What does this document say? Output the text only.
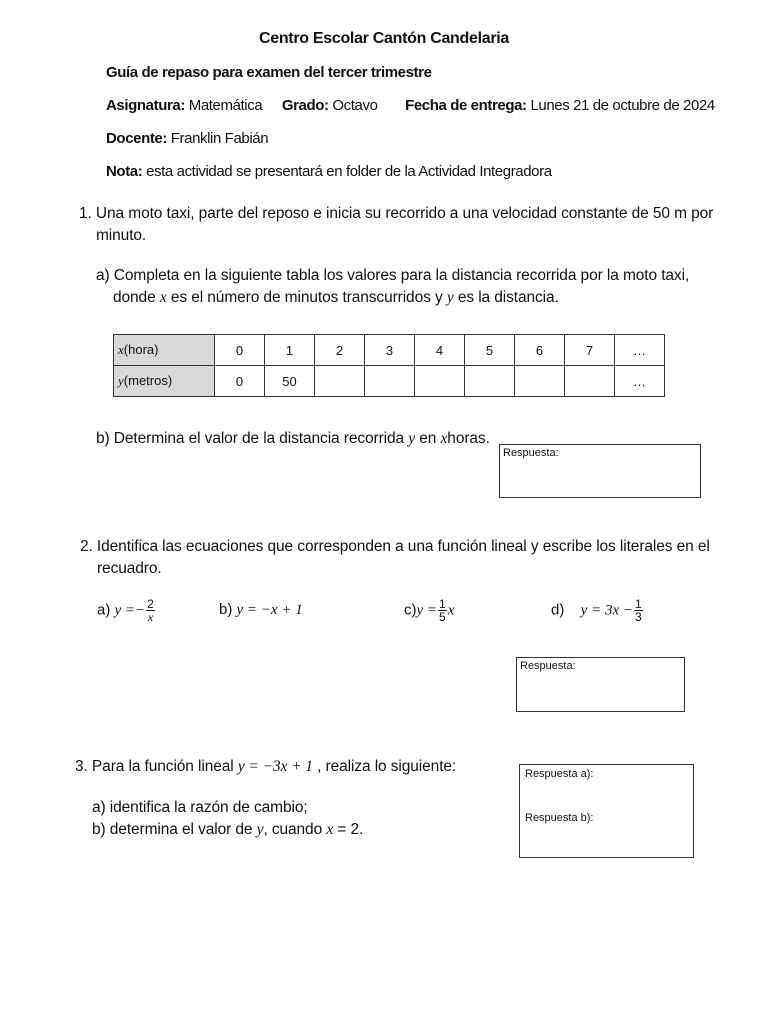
Centro Escolar Cantón Candelaria
Guía de repaso para examen del tercer trimestre
Asignatura: Matemática Grado: Octavo Fecha de entrega: Lunes 21 de octubre de 2024
Docente: Franklin Fabián
Nota: esta actividad se presentará en folder de la Actividad Integradora
1. Una moto taxi, parte del reposo e inicia su recorrido a una velocidad constante de 50 m por
minuto.
a) Completa en la siguiente tabla los valores para la distancia recorrida por la moto taxi,
donde x es el número de minutos transcurridos y y es la distancia.
x(hora)	0	1	2	3	4	5	6	7	…
y(metros)	0	50							…
b) Determina el valor de la distancia recorrida y en xhoras.
Respuesta:
2. Identifica las ecuaciones que corresponden a una función lineal y escribe los literales en el
recuadro.
a) $y =- \frac{2}{x}$	b) y = −x + 1	$c)y = \frac{1}{5}$ x	d) $y = 3x - \frac{1}{3}$
Respuesta:
3. Para la función lineal y = −3x + 1 , realiza lo siguiente:
a) identifica la razón de cambio;
b) determina el valor de y, cuando x = 2.
Respuesta a):
Respuesta b):
